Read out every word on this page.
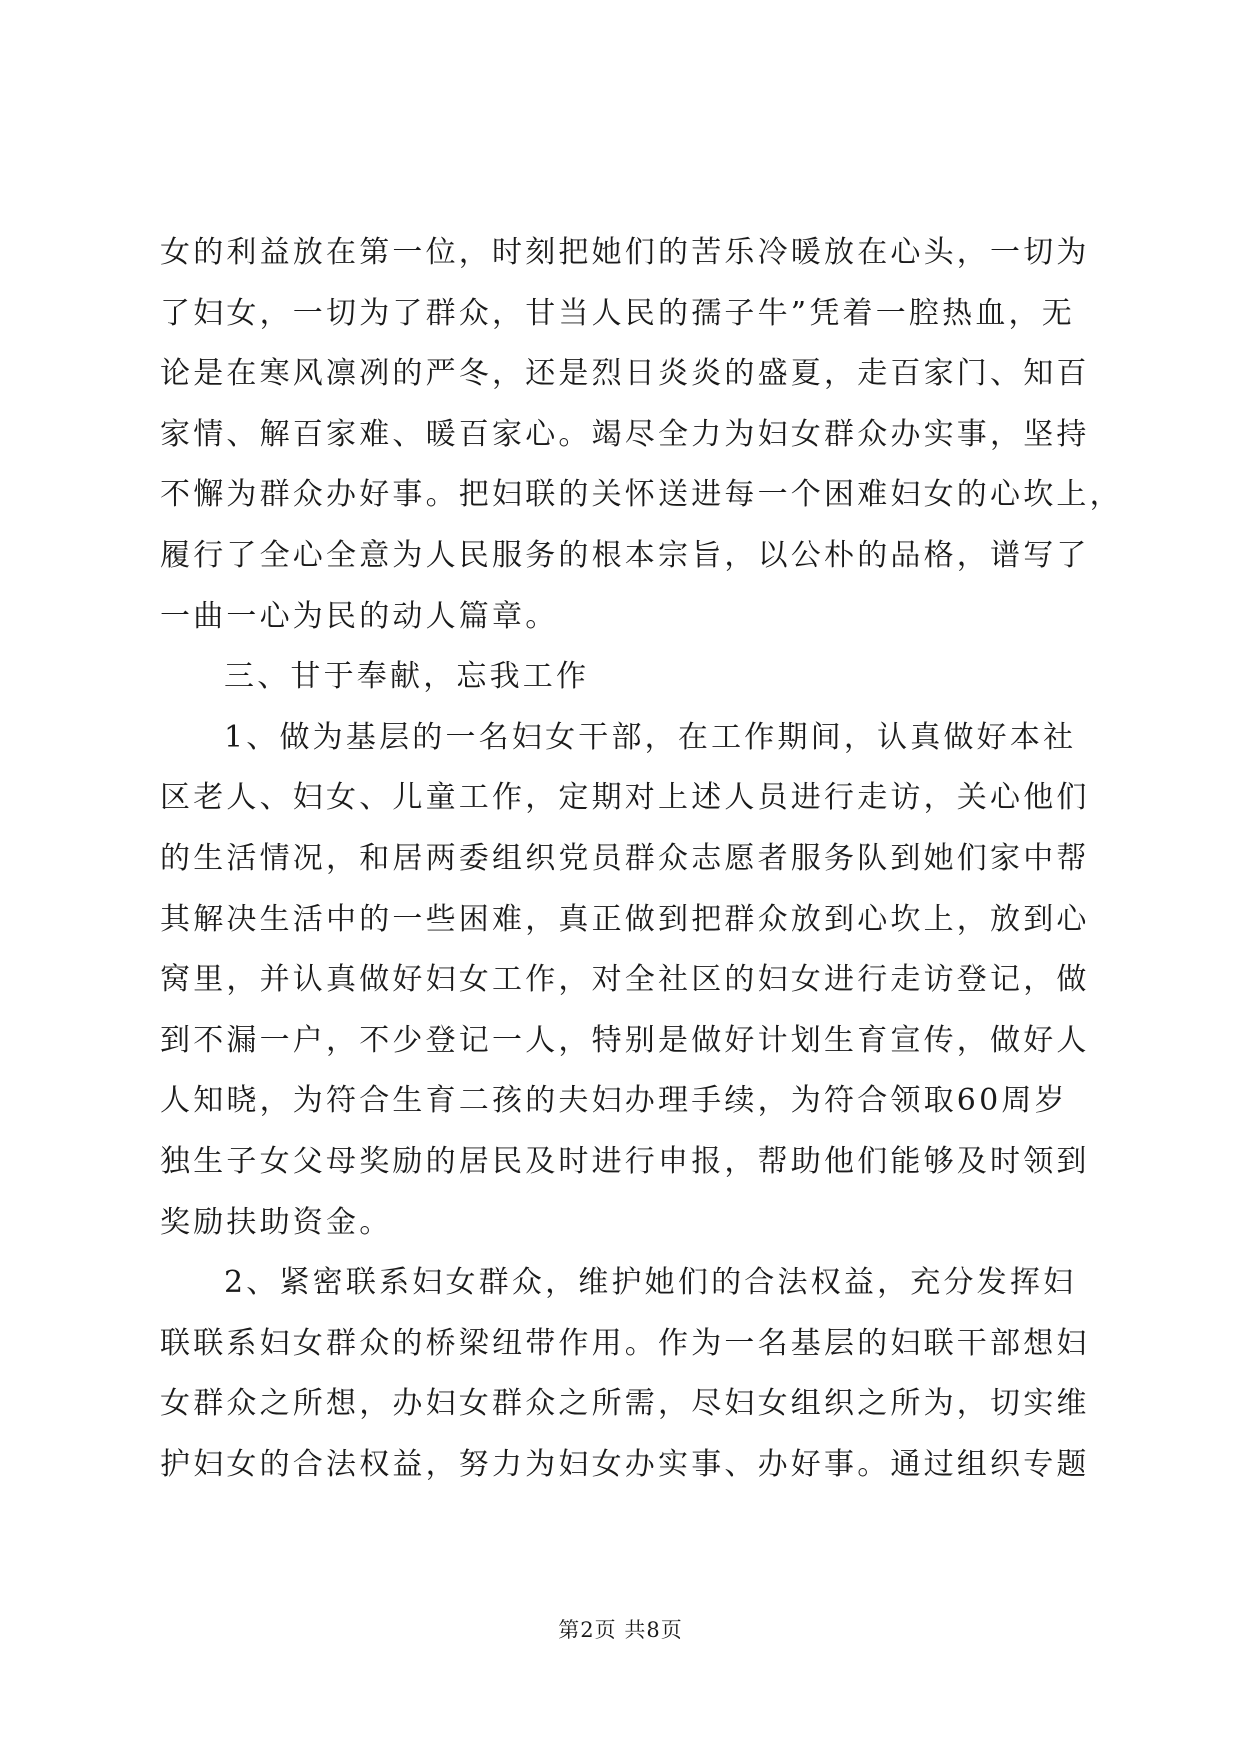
女的利益放在第一位，时刻把她们的苦乐冷暖放在心头，一切为
了妇女，一切为了群众，甘当人民的孺子牛”凭着一腔热血，无
论是在寒风凛冽的严冬，还是烈日炎炎的盛夏，走百家门、知百
家情、解百家难、暖百家心。竭尽全力为妇女群众办实事，坚持
不懈为群众办好事。把妇联的关怀送进每一个困难妇女的心坎上，
履行了全心全意为人民服务的根本宗旨，以公朴的品格，谱写了
一曲一心为民的动人篇章。
三、甘于奉献，忘我工作
1、做为基层的一名妇女干部，在工作期间，认真做好本社
区老人、妇女、儿童工作，定期对上述人员进行走访，关心他们
的生活情况，和居两委组织党员群众志愿者服务队到她们家中帮
其解决生活中的一些困难，真正做到把群众放到心坎上，放到心
窝里，并认真做好妇女工作，对全社区的妇女进行走访登记，做
到不漏一户，不少登记一人，特别是做好计划生育宣传，做好人
人知晓，为符合生育二孩的夫妇办理手续，为符合领取60周岁
独生子女父母奖励的居民及时进行申报，帮助他们能够及时领到
奖励扶助资金。
2、紧密联系妇女群众，维护她们的合法权益，充分发挥妇
联联系妇女群众的桥梁纽带作用。作为一名基层的妇联干部想妇
女群众之所想，办妇女群众之所需，尽妇女组织之所为，切实维
护妇女的合法权益，努力为妇女办实事、办好事。通过组织专题
第2页 共8页
